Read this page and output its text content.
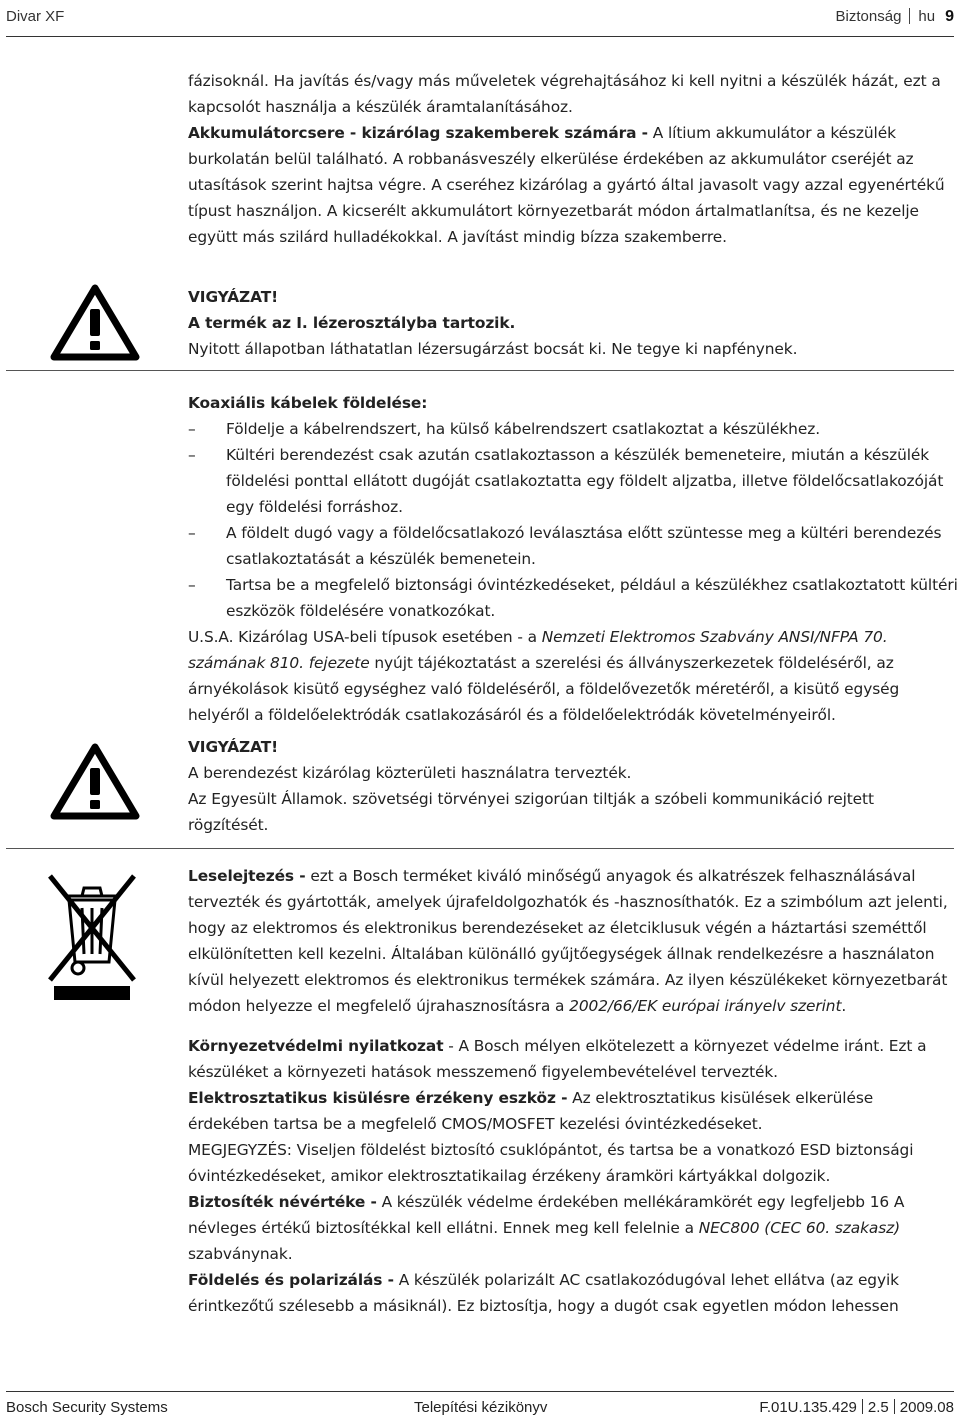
Divar XF	Biztonság hu 9

fázisoknál. Ha javítás és/vagy más műveletek végrehajtásához ki kell nyitni a készülék házát, ezt a kapcsolót használja a készülék áramtalanításához.

Akkumulátorcsere - kizárólag szakemberek számára - A lítium akkumulátor a készülék burkolatán belül található. A robbanásveszély elkerülése érdekében az akkumulátor cseréjét az utasítások szerint hajtsa végre. A cseréhez kizárólag a gyártó által javasolt vagy azzal egyenértékű típust használjon. A kicserélt akkumulátort környezetbarát módon ártalmatlanítsa, és ne kezelje együtt más szilárd hulladékokkal. A javítást mindig bízza szakemberre.

VIGYÁZAT!

A termék az I. lézerosztályba tartozik.

Nyitott állapotban láthatatlan lézersugárzást bocsát ki. Ne tegye ki napfénynek.

Koaxiális kábelek földelése:

– Földelje a kábelrendszert, ha külső kábelrendszert csatlakoztat a készülékhez.
– Kültéri berendezést csak azután csatlakoztasson a készülék bemeneteire, miután a készülék földelési ponttal ellátott dugóját csatlakoztatta egy földelt aljzatba, illetve földelőcsatlakozóját egy földelési forráshoz.
– A földelt dugó vagy a földelőcsatlakozó leválasztása előtt szüntesse meg a kültéri berendezés csatlakoztatását a készülék bemenetein.
– Tartsa be a megfelelő biztonsági óvintézkedéseket, például a készülékhez csatlakoztatott kültéri eszközök földelésére vonatkozókat.

U.S.A. Kizárólag USA-beli típusok esetében - a Nemzeti Elektromos Szabvány ANSI/NFPA 70. számának 810. fejezete nyújt tájékoztatást a szerelési és állványszerkezetek földeléséről, az árnyékolások kisütő egységhez való földeléséről, a földelővezetők méretéről, a kisütő egység helyéről a földelőelektródák csatlakozásáról és a földelőelektródák követelményeiről.

VIGYÁZAT!

A berendezést kizárólag közterületi használatra tervezték.

Az Egyesült Államok. szövetségi törvényei szigorúan tiltják a szóbeli kommunikáció rejtett rögzítését.

Leselejtezés - ezt a Bosch terméket kiváló minőségű anyagok és alkatrészek felhasználásával tervezték és gyártották, amelyek újrafeldolgozhatók és -hasznosíthatók. Ez a szimbólum azt jelenti, hogy az elektromos és elektronikus berendezéseket az életciklusuk végén a háztartási szeméttől elkülönítetten kell kezelni. Általában különálló gyűjtőegységek állnak rendelkezésre a használaton kívül helyezett elektromos és elektronikus termékek számára. Az ilyen készülékeket környezetbarát módon helyezze el megfelelő újrahasznosításra a 2002/66/EK európai irányelv szerint.

Környezetvédelmi nyilatkozat - A Bosch mélyen elkötelezett a környezet védelme iránt. Ezt a készüléket a környezeti hatások messzemenő figyelembevételével tervezték.

Elektrosztatikus kisülésre érzékeny eszköz - Az elektrosztatikus kisülések elkerülése érdekében tartsa be a megfelelő CMOS/MOSFET kezelési óvintézkedéseket.

MEGJEGYZÉS: Viseljen földelést biztosító csuklópántot, és tartsa be a vonatkozó ESD biztonsági óvintézkedéseket, amikor elektrosztatikailag érzékeny áramköri kártyákkal dolgozik.

Biztosíték névértéke - A készülék védelme érdekében mellékáramkörét egy legfeljebb 16 A névleges értékű biztosítékkal kell ellátni. Ennek meg kell felelnie a NEC800 (CEC 60. szakasz) szabványnak.

Földelés és polarizálás - A készülék polarizált AC csatlakozódugóval lehet ellátva (az egyik érintkezőtű szélesebb a másiknál). Ez biztosítja, hogy a dugót csak egyetlen módon lehessen

Bosch Security Systems	Telepítési kézikönyv	F.01U.135.429 2.5 2009.08
